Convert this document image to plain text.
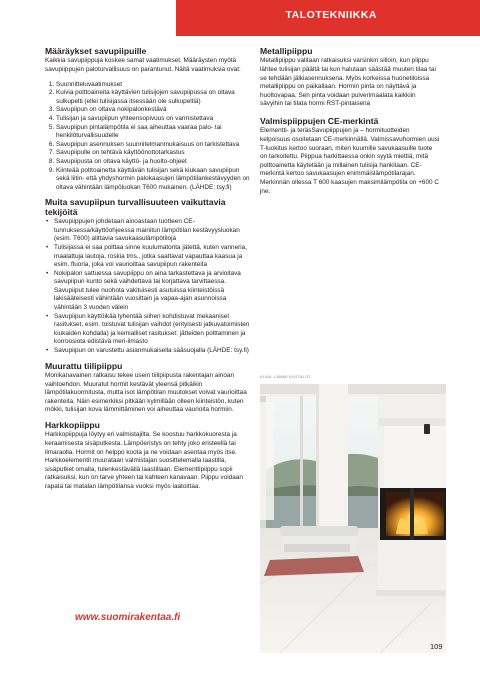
TALOTEKNIIKKA
Määräykset savupiipuille

Kaikkia savupiippuja koskee samat vaatimukset. Määräysten myötä savupiippujen paloturvallisuus on parantunut. Näitä vaatimuksia ovat:

1. Suunnitteluvaatimukset
2. Kuivia polttoaineita käyttävien tulisijojen savupiipussa on oltava sulkupelti (ellei tulisijassa itsessään ole sulkupeltiä)
3. Savupiipun on oltava nokipalonkestävä
4. Tulisijan ja savupiipun yhteensopivuus on varmistettava
5. Savupiipun pintalämpötila ei saa aiheuttaa vaaraa palo- tai henkilöturvallisuudelle
6. Savupiipun asennuksen suunnitelmanmukaisuus on tarkistettava
7. Savupiipulle on tehtävä käyttöönottotarkastus
8. Savupiipusta on oltava käyttö- ja huolto-ohjeet
9. Kiinteää polttoainetta käyttävän tulisijan sekä kiukaan savupiipun sekä liitin- että yhdyshormin palokaasujen lämpötilankestävyyden on oltava vähintään lämpöluokan T600 mukainen. (LÄHDE: tsy.fi)
Muita savupiipun turvallisuuteen vaikuttavia tekijöitä
• Savupiippujen johdetaan ainoastaan tuotteen CE-tunnuksessa/käyttöohjeessa mainitun lämpötilan kestävyysluokan (esim. T600) alittavia savukaasulämpötiloja
• Tulisijassa ei saa polttaa sinne kuulumatonta jätettä, kuten vanneria, maalattuja lautoja, roskia tms., jotka saattavat vapauttaa kaasua ja esim. fluoria, joka voi vaurioittaa savupiipun rakenteita
• Nokipalon sattuessa savupiippu on aina tarkastettava ja arvioitava savupiipun kunto sekä vaihdettava tai korjattava tarvittaessa. Savupiiput tulee nuohota vakituisesti asutuissa kiinteistöissä lakisääteisesti vähintään vuosittain ja vapaa-ajan asunnoissa vähintään 3 vuoden välein
• Savupiipun käyttöikää lyhentää siihen kohdistuvat mekaaniset rasitukset, esim. toistuvat tulisijan vaihdot (erityisesti jatkuvatoimisten kiukaiden kohdalla) ja kemialliset rasitukset: jätteiden polttaminen ja korroosiota edistävä meri-ilmasto
• Savupiipun on varustettu asianmukaisella sääsuojalla (LÄHDE: tsy.fi)
Muurattu tiilipiippu

Monikanavainen ratkaisu tekee usein tiilipiipusta rakentajan ainoan vaihtoehdon. Muuratut hormit kestävät yleensä pitkäikin lämpötilakuormitusta, mutta isot lämpötilan muutokset voivat vaurioittaa rakenteita. Näin esimerkiksi pitkään kylmillään olleen kiinteistön, kuten mökki, tulisijan kova lämmittäminen voi aiheuttaa vaurioita hormiin.

Harkkopiippu

Harkkopiippuja löytyy eri valmistajilta. Se koostuu harkkokuoresta ja keraamisesta sisäputkesta. Lämpöeristys on tehty joko eristeellä tai ilmaraolla. Hormit on helppo koota ja ne voidaan asentaa myös itse. Harkkoelementit muurataan valmistajan suosittelemalla laastilla, sisäputket omalla, tulenkestävällä laastillaan. Elementtipiippu sopii ratkaisuksi, kun on tarve yhteen tai kahteen kanavaan. Piippu voidaan rapata tai matalan lämpötilansa vuoksi myös laatoittaa.

Metallipiippu

Metallipiippu valitaan ratkaisuksi varsinkin silloin, kun piippu lähtee tulisijan päältä tai kun halutaan säästää muuten tilaa tai se tehdään jälkiasennuksena. Myös korkeissa huonetiloissa metallipiippu on paikallaan. Hormin pinta on näyttävä ja huoltovapaa. Sen pinta voidaan pulverimaalata kaikkiin sävyihin tai tilata hormi RST-pintaisena

Valmispiippujen CE-merkintä

Elementti- ja teräsSavupiippujen ja – hormituotteiden kelpoisuus osoitetaan CE-merkinnällä. Valmissavuhormien uusi T-luokitus kertoo suoraan, miten kuumille savukaasuille tuote on tarkoitettu. Piippua harkittaessa onkin syytä miettiä, mitä polttoainetta käytetään ja millainen tulisija hankitaan. CE-merkintä kertoo savukaasujen enimmäislämpötilarajan. Merkinnän ollessa T 600 kaasujen maksimilämpötila on +600 C jne.

KUVA: LAMMI KIVITALOT
www.suomirakentaa.fi
109
